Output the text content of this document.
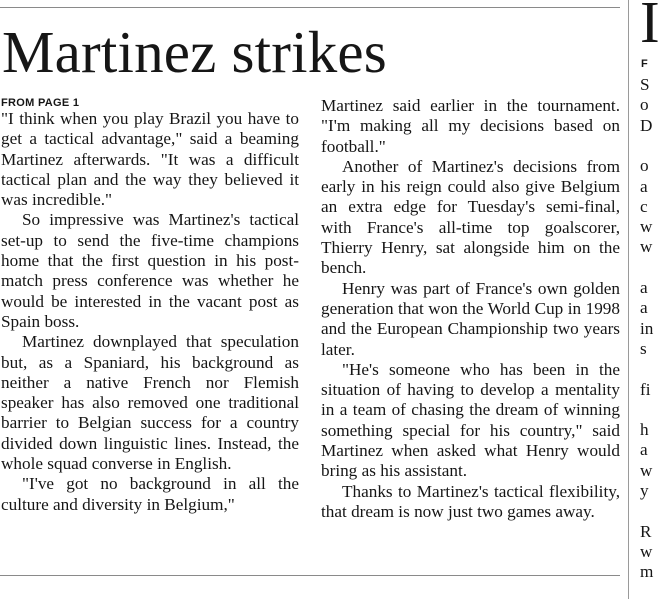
Martinez strikes
FROM PAGE 1

"I think when you play Brazil you have to get a tactical advantage," said a beaming Martinez afterwards. "It was a difficult tactical plan and the way they believed it was incredible."

So impressive was Martinez's tactical set-up to send the five-time champions home that the first question in his post-match press conference was whether he would be interested in the vacant post as Spain boss.

Martinez downplayed that speculation but, as a Spaniard, his background as neither a native French nor Flemish speaker has also removed one traditional barrier to Belgian success for a country divided down linguistic lines. Instead, the whole squad converse in English.

"I've got no background in all the culture and diversity in Belgium,"

Martinez said earlier in the tournament. "I'm making all my decisions based on football."

Another of Martinez's decisions from early in his reign could also give Belgium an extra edge for Tuesday's semi-final, with France's all-time top goalscorer, Thierry Henry, sat alongside him on the bench.

Henry was part of France's own golden generation that won the World Cup in 1998 and the European Championship two years later.

"He's someone who has been in the situation of having to develop a mentality in a team of chasing the dream of winning something special for his country," said Martinez when asked what Henry would bring as his assistant.

Thanks to Martinez's tactical flexibility, that dream is now just two games away.

I
F
S
o
D
o
a
c
w
w
a
a
in
s
fi
h
a
w
y
R
w
m
